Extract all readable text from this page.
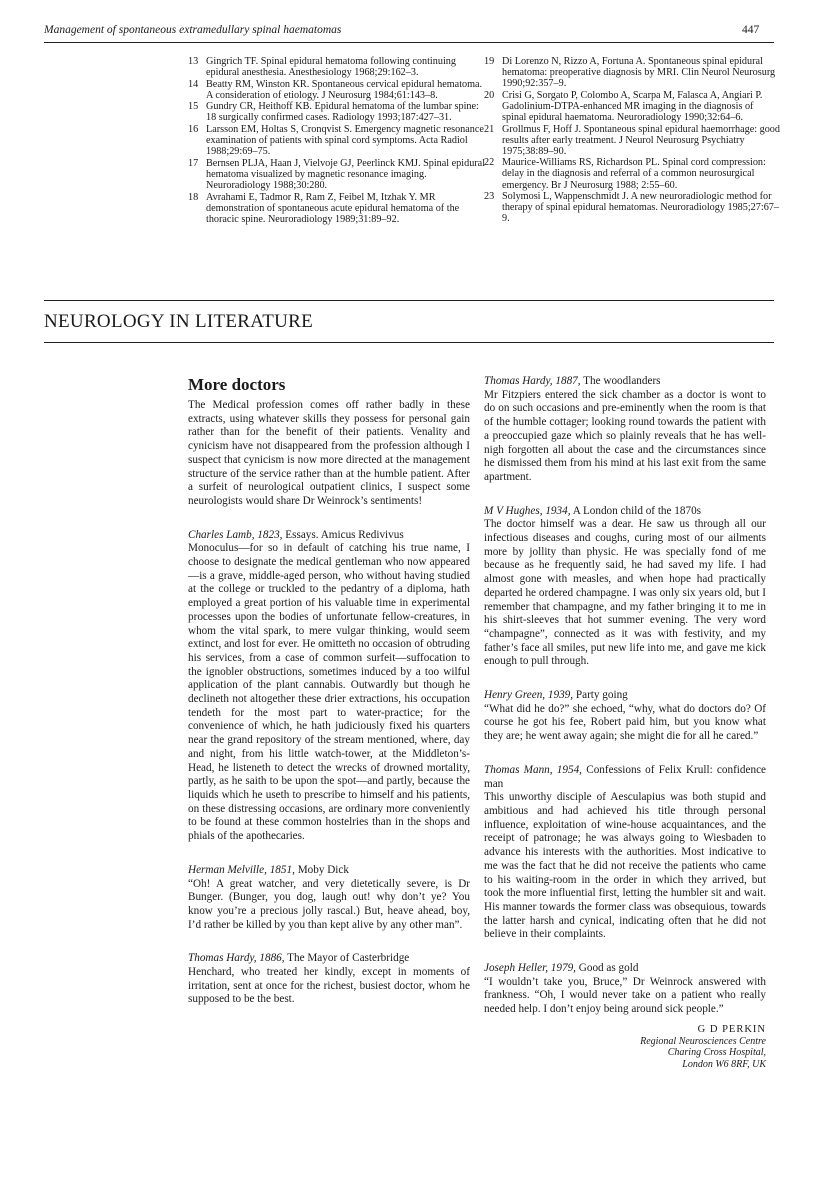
Management of spontaneous extramedullary spinal haematomas	447
13 Gingrich TF. Spinal epidural hematoma following continuing epidural anesthesia. Anesthesiology 1968;29:162–3.
14 Beatty RM, Winston KR. Spontaneous cervical epidural hematoma. A consideration of etiology. J Neurosurg 1984;61:143–8.
15 Gundry CR, Heithoff KB. Epidural hematoma of the lumbar spine: 18 surgically confirmed cases. Radiology 1993;187:427–31.
16 Larsson EM, Holtas S, Cronqvist S. Emergency magnetic resonance examination of patients with spinal cord symptoms. Acta Radiol 1988;29:69–75.
17 Bernsen PLJA, Haan J, Vielvoje GJ, Peerlinck KMJ. Spinal epidural hematoma visualized by magnetic resonance imaging. Neuroradiology 1988;30:280.
18 Avrahami E, Tadmor R, Ram Z, Feibel M, Itzhak Y. MR demonstration of spontaneous acute epidural hematoma of the thoracic spine. Neuroradiology 1989;31:89–92.
19 Di Lorenzo N, Rizzo A, Fortuna A. Spontaneous spinal epidural hematoma: preoperative diagnosis by MRI. Clin Neurol Neurosurg 1990;92:357–9.
20 Crisi G, Sorgato P, Colombo A, Scarpa M, Falasca A, Angiari P. Gadolinium-DTPA-enhanced MR imaging in the diagnosis of spinal epidural haematoma. Neuroradiology 1990;32:64–6.
21 Grollmus F, Hoff J. Spontaneous spinal epidural haemorrhage: good results after early treatment. J Neurol Neurosurg Psychiatry 1975;38:89–90.
22 Maurice-Williams RS, Richardson PL. Spinal cord compression: delay in the diagnosis and referral of a common neurosurgical emergency. Br J Neurosurg 1988; 2:55–60.
23 Solymosi L, Wappenschmidt J. A new neuroradiologic method for therapy of spinal epidural hematomas. Neuroradiology 1985;27:67–9.
NEUROLOGY IN LITERATURE
More doctors

The Medical profession comes off rather badly in these extracts, using whatever skills they possess for personal gain rather than for the benefit of their patients. Venality and cynicism have not disappeared from the profession although I suspect that cynicism is now more directed at the management structure of the service rather than at the humble patient. After a surfeit of neurological outpatient clinics, I suspect some neurologists would share Dr Weinrock’s sentiments!

Charles Lamb, 1823, Essays. Amicus Redivivus

Monoculus—for so in default of catching his true name, I choose to designate the medical gentleman who now appeared—is a grave, middle-aged person, who without having studied at the college or truckled to the pedantry of a diploma, hath employed a great portion of his valuable time in experimental processes upon the bodies of unfortunate fellow-creatures, in whom the vital spark, to mere vulgar thinking, would seem extinct, and lost for ever. He omitteth no occasion of obtruding his services, from a case of common surfeit—suffocation to the ignobler obstructions, sometimes induced by a too wilful application of the plant cannabis. Outwardly but though he declineth not altogether these drier extractions, his occupation tendeth for the most part to water-practice; for the convenience of which, he hath judiciously fixed his quarters near the grand repository of the stream mentioned, where, day and night, from his little watch-tower, at the Middleton’s-Head, he listeneth to detect the wrecks of drowned mortality, partly, as he saith to be upon the spot—and partly, because the liquids which he useth to prescribe to himself and his patients, on these distressing occasions, are ordinary more conveniently to be found at these common hostelries than in the shops and phials of the apothecaries.

Herman Melville, 1851, Moby Dick

“Oh! A great watcher, and very dietetically severe, is Dr Bunger. (Bunger, you dog, laugh out! why don’t ye? You know you’re a precious jolly rascal.) But, heave ahead, boy, I’d rather be killed by you than kept alive by any other man”.

Thomas Hardy, 1886, The Mayor of Casterbridge

Henchard, who treated her kindly, except in moments of irritation, sent at once for the richest, busiest doctor, whom he supposed to be the best.

Thomas Hardy, 1887, The woodlanders

Mr Fitzpiers entered the sick chamber as a doctor is wont to do on such occasions and pre-eminently when the room is that of the humble cottager; looking round towards the patient with a preoccupied gaze which so plainly reveals that he has well-nigh forgotten all about the case and the circumstances since he dismissed them from his mind at his last exit from the same apartment.

M V Hughes, 1934, A London child of the 1870s

The doctor himself was a dear. He saw us through all our infectious diseases and coughs, curing most of our ailments more by jollity than physic. He was specially fond of me because as he frequently said, he had saved my life. I had almost gone with measles, and when hope had practically departed he ordered champagne. I was only six years old, but I remember that champagne, and my father bringing it to me in his shirt-sleeves that hot summer evening. The very word “champagne”, connected as it was with festivity, and my father’s face all smiles, put new life into me, and gave me kick enough to pull through.

Henry Green, 1939, Party going

“What did he do?” she echoed, “why, what do doctors do? Of course he got his fee, Robert paid him, but you know what they are; he went away again; she might die for all he cared.”

Thomas Mann, 1954, Confessions of Felix Krull: confidence man

This unworthy disciple of Aesculapius was both stupid and ambitious and had achieved his title through personal influence, exploitation of wine-house acquaintances, and the receipt of patronage; he was always going to Wiesbaden to advance his interests with the authorities. Most indicative to me was the fact that he did not receive the patients who came to his waiting-room in the order in which they arrived, but took the more influential first, letting the humbler sit and wait. His manner towards the former class was obsequious, towards the latter harsh and cynical, indicating often that he did not believe in their complaints.

Joseph Heller, 1979, Good as gold

“I wouldn’t take you, Bruce,” Dr Weinrock answered with frankness. “Oh, I would never take on a patient who really needed help. I don’t enjoy being around sick people.”

G D PERKIN
Regional Neurosciences Centre
Charing Cross Hospital,
London W6 8RF, UK
